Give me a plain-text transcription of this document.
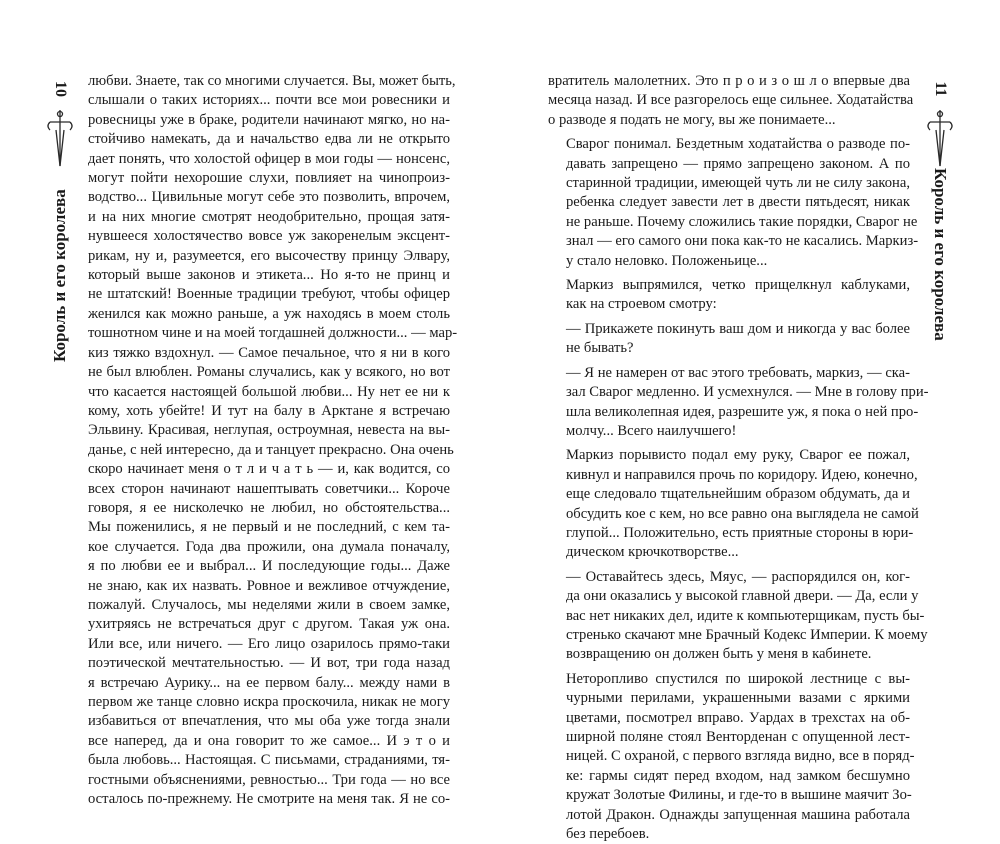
10
Король и его королева

любви. Знаете, так со многими случается. Вы, может быть,
слышали о таких историях... почти все мои ровесники и
ровесницы уже в браке, родители начинают мягко, но на-
стойчиво намекать, да и начальство едва ли не открыто
дает понять, что холостой офицер в мои годы — нонсенс,
могут пойти нехорошие слухи, повлияет на чинопроиз-
водство... Цивильные могут себе это позволить, впрочем,
и на них многие смотрят неодобрительно, прощая затя-
нувшееся холостячество вовсе уж закоренелым эксцент-
рикам, ну и, разумеется, его высочеству принцу Элвару,
который выше законов и этикета... Но я-то не принц и
не штатский! Военные традиции требуют, чтобы офицер
женился как можно раньше, а уж находясь в моем столь
тошнотном чине и на моей тогдашней должности... — мар-
киз тяжко вздохнул. — Самое печальное, что я ни в кого
не был влюблен. Романы случались, как у всякого, но вот
что касается настоящей большой любви... Ну нет ее ни к
кому, хоть убейте! И тут на балу в Арктане я встречаю
Эльвину. Красивая, неглупая, остроумная, невеста на вы-
данье, с ней интересно, да и танцует прекрасно. Она очень
скоро начинает меня о т л и ч а т ь — и, как водится, со
всех сторон начинают нашептывать советчики... Короче
говоря, я ее нисколечко не любил, но обстоятельства...
Мы поженились, я не первый и не последний, с кем та-
кое случается. Года два прожили, она думала поначалу,
я по любви ее и выбрал... И последующие годы... Даже
не знаю, как их назвать. Ровное и вежливое отчуждение,
пожалуй. Случалось, мы неделями жили в своем замке,
ухитряясь не встречаться друг с другом. Такая уж она.
Или все, или ничего. — Его лицо озарилось прямо-таки
поэтической мечтательностью. — И вот, три года назад
я встречаю Аурику... на ее первом балу... между нами в
первом же танце словно искра проскочила, никак не могу
избавиться от впечатления, что мы оба уже тогда знали
все наперед, да и она говорит то же самое... И э т о и
была любовь... Настоящая. С письмами, страданиями, тя-
гостными объяснениями, ревностью... Три года — но все
осталось по-прежнему. Не смотрите на меня так. Я не со-

вратитель малолетних. Это п р о и з о ш л о впервые два
месяца назад. И все разгорелось еще сильнее. Ходатайства
о разводе я подать не могу, вы же понимаете...

Сварог понимал. Бездетным ходатайства о разводе по-
давать запрещено — прямо запрещено законом. А по
старинной традиции, имеющей чуть ли не силу закона,
ребенка следует завести лет в двести пятьдесят, никак
не раньше. Почему сложились такие порядки, Сварог не
знал — его самого они пока как-то не касались. Маркиз-
у стало неловко. Положеньице...

Маркиз выпрямился, четко прищелкнул каблуками,
как на строевом смотру:

— Прикажете покинуть ваш дом и никогда у вас более
не бывать?

— Я не намерен от вас этого требовать, маркиз, — ска-
зал Сварог медленно. И усмехнулся. — Мне в голову при-
шла великолепная идея, разрешите уж, я пока о ней про-
молчу... Всего наилучшего!

Маркиз порывисто подал ему руку, Сварог ее пожал,
кивнул и направился прочь по коридору. Идею, конечно,
еще следовало тщательнейшим образом обдумать, да и
обсудить кое с кем, но все равно она выглядела не самой
глупой... Положительно, есть приятные стороны в юри-
дическом крючкотворстве...

— Оставайтесь здесь, Мяус, — распорядился он, ког-
да они оказались у высокой главной двери. — Да, если у
вас нет никаких дел, идите к компьютерщикам, пусть бы-
стренько скачают мне Брачный Кодекс Империи. К моему
возвращению он должен быть у меня в кабинете.

Неторопливо спустился по широкой лестнице с вы-
чурными перилами, украшенными вазами с яркими
цветами, посмотрел вправо. Уардах в трехстах на об-
ширной поляне стоял Венторденан с опущенной лест-
ницей. С охраной, с первого взгляда видно, все в поряд-
ке: гармы сидят перед входом, над замком бесшумно
кружат Золотые Филины, и где-то в вышине маячит Зо-
лотой Дракон. Однажды запущенная машина работала
без перебоев.

11
Король и его королева
